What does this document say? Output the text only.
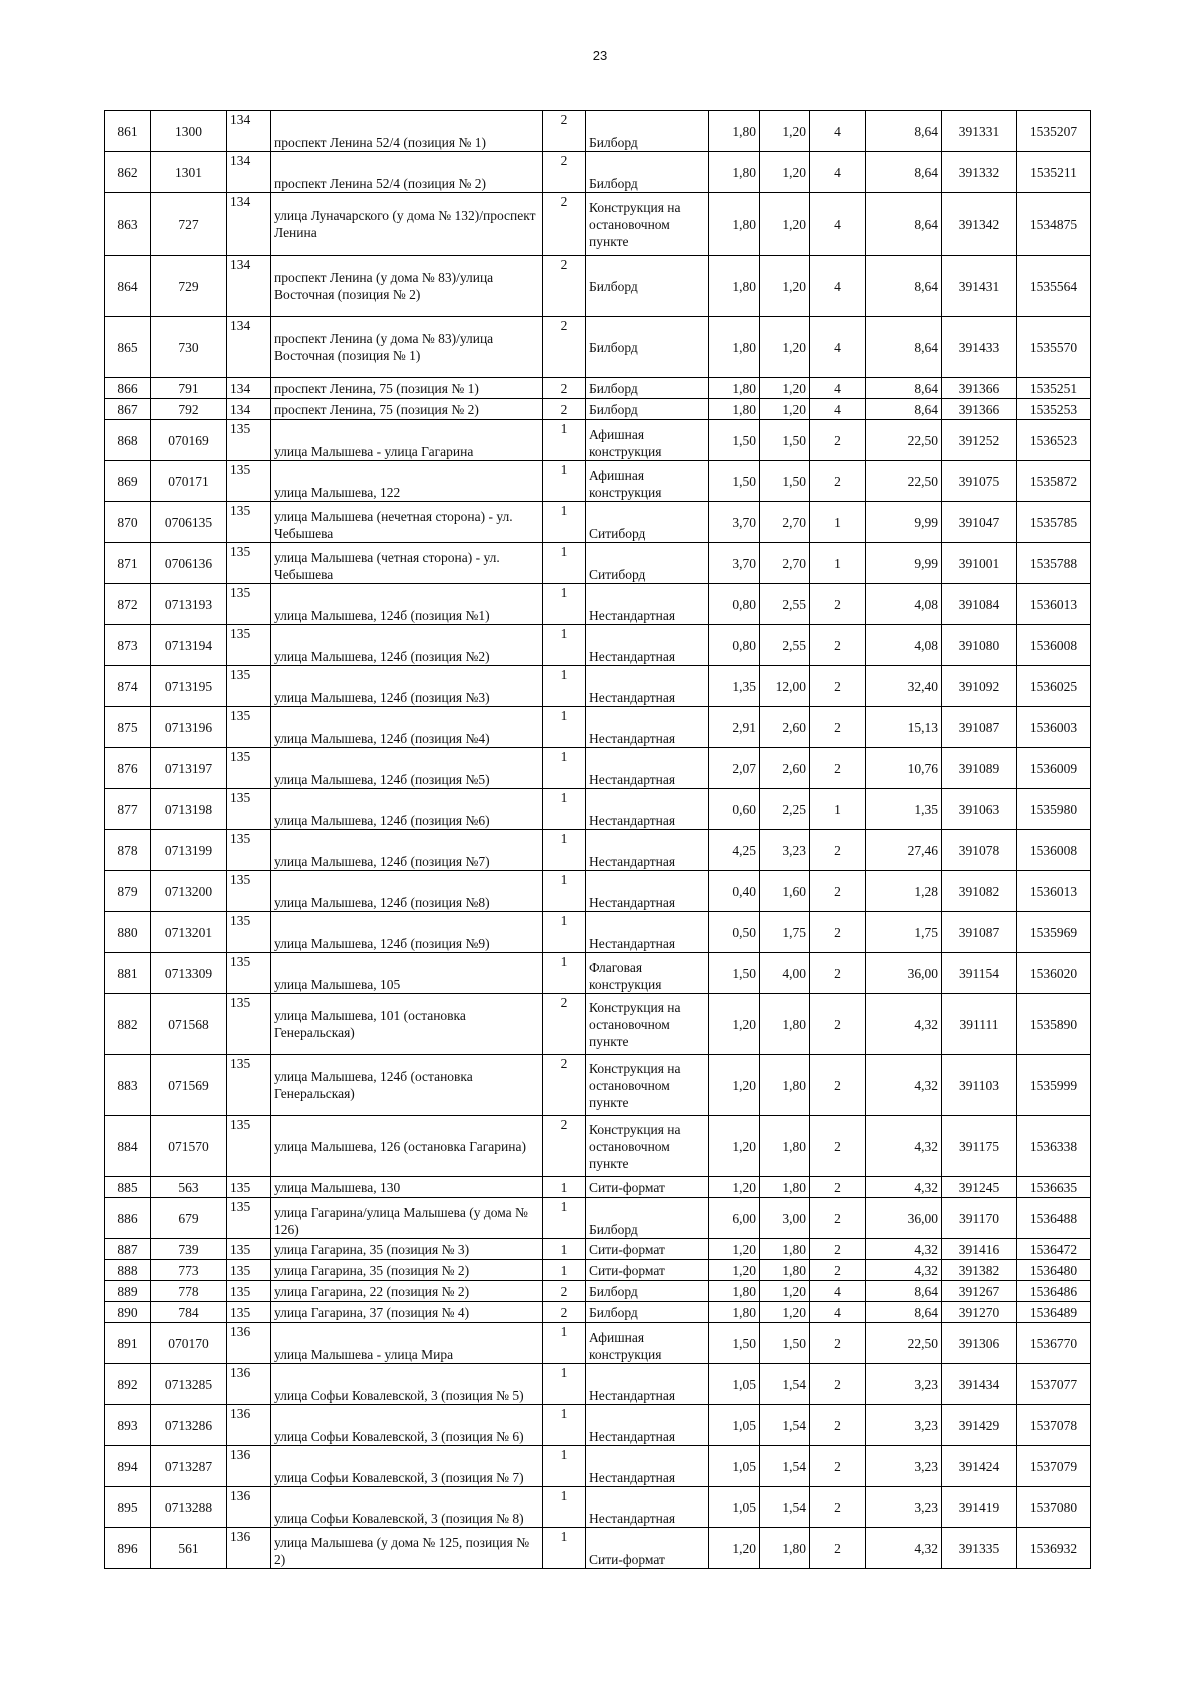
23
861	1300	134	проспект Ленина 52/4 (позиция № 1)	2	Билборд	1,80	1,20	4	8,64	391331	1535207
862	1301	134	проспект Ленина 52/4 (позиция № 2)	2	Билборд	1,80	1,20	4	8,64	391332	1535211
863	727	134	улица Луначарского (у дома № 132)/проспект Ленина	2	Конструкция на остановочном пункте	1,80	1,20	4	8,64	391342	1534875
864	729	134	проспект Ленина (у дома № 83)/улица Восточная (позиция № 2)	2	Билборд	1,80	1,20	4	8,64	391431	1535564
865	730	134	проспект Ленина (у дома № 83)/улица Восточная (позиция № 1)	2	Билборд	1,80	1,20	4	8,64	391433	1535570
866	791	134	проспект Ленина, 75 (позиция № 1)	2	Билборд	1,80	1,20	4	8,64	391366	1535251
867	792	134	проспект Ленина, 75 (позиция № 2)	2	Билборд	1,80	1,20	4	8,64	391366	1535253
868	070169	135	улица Малышева - улица Гагарина	1	Афишная конструкция	1,50	1,50	2	22,50	391252	1536523
869	070171	135	улица Малышева, 122	1	Афишная конструкция	1,50	1,50	2	22,50	391075	1535872
870	0706135	135	улица Малышева (нечетная сторона) - ул. Чебышева	1	Ситиборд	3,70	2,70	1	9,99	391047	1535785
871	0706136	135	улица Малышева (четная сторона) - ул. Чебышева	1	Ситиборд	3,70	2,70	1	9,99	391001	1535788
872	0713193	135	улица Малышева, 124б (позиция №1)	1	Нестандартная	0,80	2,55	2	4,08	391084	1536013
873	0713194	135	улица Малышева, 124б (позиция №2)	1	Нестандартная	0,80	2,55	2	4,08	391080	1536008
874	0713195	135	улица Малышева, 124б (позиция №3)	1	Нестандартная	1,35	12,00	2	32,40	391092	1536025
875	0713196	135	улица Малышева, 124б (позиция №4)	1	Нестандартная	2,91	2,60	2	15,13	391087	1536003
876	0713197	135	улица Малышева, 124б (позиция №5)	1	Нестандартная	2,07	2,60	2	10,76	391089	1536009
877	0713198	135	улица Малышева, 124б (позиция №6)	1	Нестандартная	0,60	2,25	1	1,35	391063	1535980
878	0713199	135	улица Малышева, 124б (позиция №7)	1	Нестандартная	4,25	3,23	2	27,46	391078	1536008
879	0713200	135	улица Малышева, 124б (позиция №8)	1	Нестандартная	0,40	1,60	2	1,28	391082	1536013
880	0713201	135	улица Малышева, 124б (позиция №9)	1	Нестандартная	0,50	1,75	2	1,75	391087	1535969
881	0713309	135	улица Малышева, 105	1	Флаговая конструкция	1,50	4,00	2	36,00	391154	1536020
882	071568	135	улица Малышева, 101 (остановка Генеральская)	2	Конструкция на остановочном пункте	1,20	1,80	2	4,32	391111	1535890
883	071569	135	улица Малышева, 124б (остановка Генеральская)	2	Конструкция на остановочном пункте	1,20	1,80	2	4,32	391103	1535999
884	071570	135	улица Малышева, 126 (остановка Гагарина)	2	Конструкция на остановочном пункте	1,20	1,80	2	4,32	391175	1536338
885	563	135	улица Малышева, 130	1	Сити-формат	1,20	1,80	2	4,32	391245	1536635
886	679	135	улица Гагарина/улица Малышева (у дома № 126)	1	Билборд	6,00	3,00	2	36,00	391170	1536488
887	739	135	улица Гагарина, 35 (позиция № 3)	1	Сити-формат	1,20	1,80	2	4,32	391416	1536472
888	773	135	улица Гагарина, 35 (позиция № 2)	1	Сити-формат	1,20	1,80	2	4,32	391382	1536480
889	778	135	улица Гагарина, 22 (позиция № 2)	2	Билборд	1,80	1,20	4	8,64	391267	1536486
890	784	135	улица Гагарина, 37 (позиция № 4)	2	Билборд	1,80	1,20	4	8,64	391270	1536489
891	070170	136	улица Малышева - улица Мира	1	Афишная конструкция	1,50	1,50	2	22,50	391306	1536770
892	0713285	136	улица Софьи Ковалевской, 3 (позиция № 5)	1	Нестандартная	1,05	1,54	2	3,23	391434	1537077
893	0713286	136	улица Софьи Ковалевской, 3 (позиция № 6)	1	Нестандартная	1,05	1,54	2	3,23	391429	1537078
894	0713287	136	улица Софьи Ковалевской, 3 (позиция № 7)	1	Нестандартная	1,05	1,54	2	3,23	391424	1537079
895	0713288	136	улица Софьи Ковалевской, 3 (позиция № 8)	1	Нестандартная	1,05	1,54	2	3,23	391419	1537080
896	561	136	улица Малышева (у дома № 125, позиция № 2)	1	Сити-формат	1,20	1,80	2	4,32	391335	1536932
